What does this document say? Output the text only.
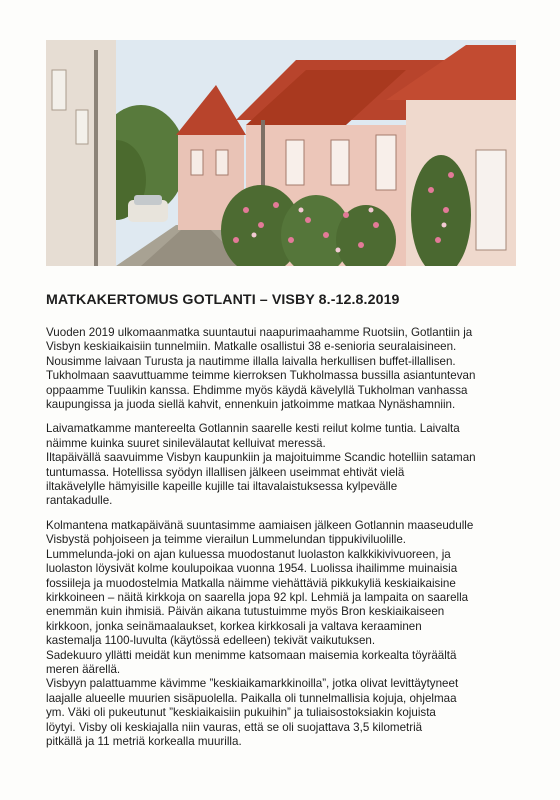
MATKAKERTOMUS GOTLANTI – VISBY 8.-12.8.2019

Vuoden 2019 ulkomaanmatka suuntautui naapurimaahamme Ruotsiin, Gotlantiin ja
Visbyn keskiaikaisiin tunnelmiin. Matkalle osallistui 38 e-senioria seuralaisineen.
Nousimme laivaan Turusta ja nautimme illalla laivalla herkullisen buffet-illallisen.
Tukholmaan saavuttuamme teimme kierroksen Tukholmassa bussilla asiantuntevan
oppaamme Tuulikin kanssa. Ehdimme myös käydä kävelyllä Tukholman vanhassa
kaupungissa ja juoda siellä kahvit, ennenkuin jatkoimme matkaa Nynäshamniin.

Laivamatkamme mantereelta Gotlannin saarelle kesti reilut kolme tuntia. Laivalta
näimme kuinka suuret sinilevälautat kelluivat meressä.
Iltapäivällä saavuimme Visbyn kaupunkiin ja majoituimme Scandic hotelliin sataman
tuntumassa. Hotellissa syödyn illallisen jälkeen useimmat ehtivät vielä
iltakävelylle hämyisille kapeille kujille tai iltavalaistuksessa kylpevälle
rantakadulle.

Kolmantena matkapäivänä suuntasimme aamiaisen jälkeen Gotlannin maaseudulle
Visbystä pohjoiseen ja teimme vierailun Lummelundan tippukiviluolille.
Lummelunda-joki on ajan kuluessa muodostanut luolaston kalkkikivivuoreen, ja
luolaston löysivät kolme koulupoikaa vuonna 1954. Luolissa ihailimme muinaisia
fossiileja ja muodostelmia Matkalla näimme viehättäviä pikkukyliä keskiaikaisine
kirkkoineen – näitä kirkkoja on saarella jopa 92 kpl. Lehmiä ja lampaita on saarella
enemmän kuin ihmisiä. Päivän aikana tutustuimme myös Bron keskiaikaiseen
kirkkoon, jonka seinämaalaukset, korkea kirkkosali ja valtava keraaminen
kastemalja 1100-luvulta (käytössä edelleen) tekivät vaikutuksen.
Sadekuuro yllätti meidät kun menimme katsomaan maisemia korkealta töyräältä
meren äärellä.
Visbyyn palattuamme kävimme ”keskiaikamarkkinoilla”, jotka olivat levittäytyneet
laajalle alueelle muurien sisäpuolella. Paikalla oli tunnelmallisia kojuja, ohjelmaa
ym. Väki oli pukeutunut ”keskiaikaisiin pukuihin” ja tuliaisostoksiakin kojuista
löytyi. Visby oli keskiajalla niin vauras, että se oli suojattava 3,5 kilometriä
pitkällä ja 11 metriä korkealla muurilla.
